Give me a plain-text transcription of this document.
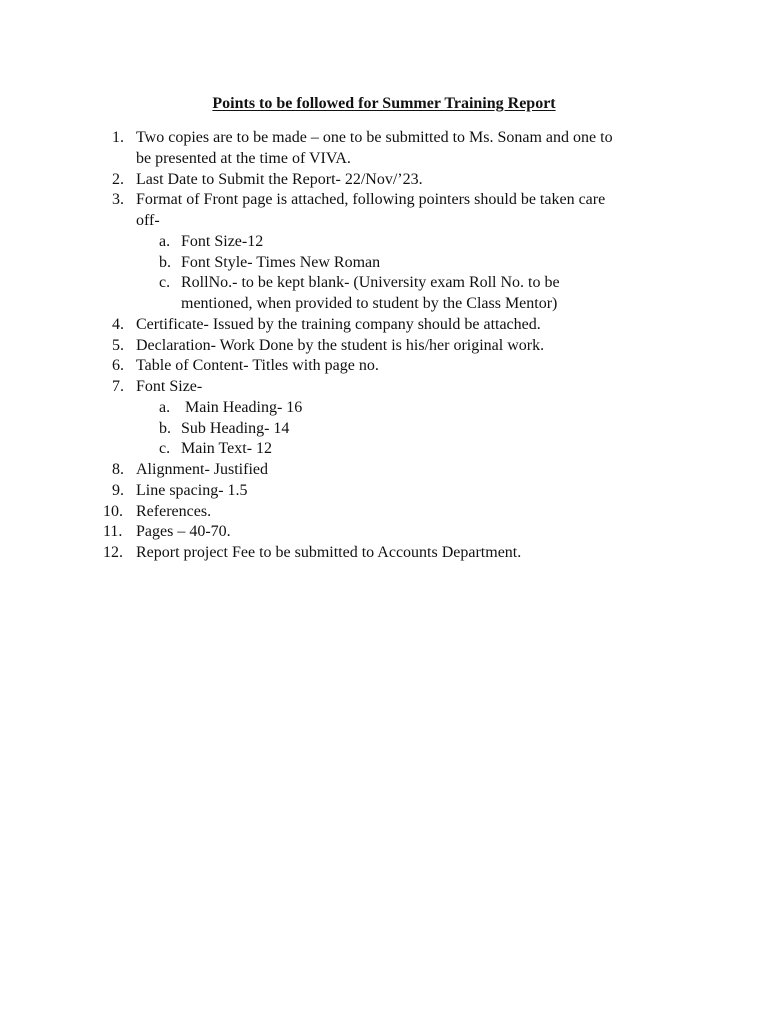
Points to be followed for Summer Training Report
1. Two copies are to be made – one to be submitted to Ms. Sonam and one to
be presented at the time of VIVA.
2. Last Date to Submit the Report- 22/Nov/’23.
3. Format of Front page is attached, following pointers should be taken care
off-
a. Font Size-12
b. Font Style- Times New Roman
c. RollNo.- to be kept blank- (University exam Roll No. to be
mentioned, when provided to student by the Class Mentor)
4. Certificate- Issued by the training company should be attached.
5. Declaration- Work Done by the student is his/her original work.
6. Table of Content- Titles with page no.
7. Font Size-
a. Main Heading- 16
b. Sub Heading- 14
c. Main Text- 12
8. Alignment- Justified
9. Line spacing- 1.5
10. References.
11. Pages – 40-70.
12. Report project Fee to be submitted to Accounts Department.
